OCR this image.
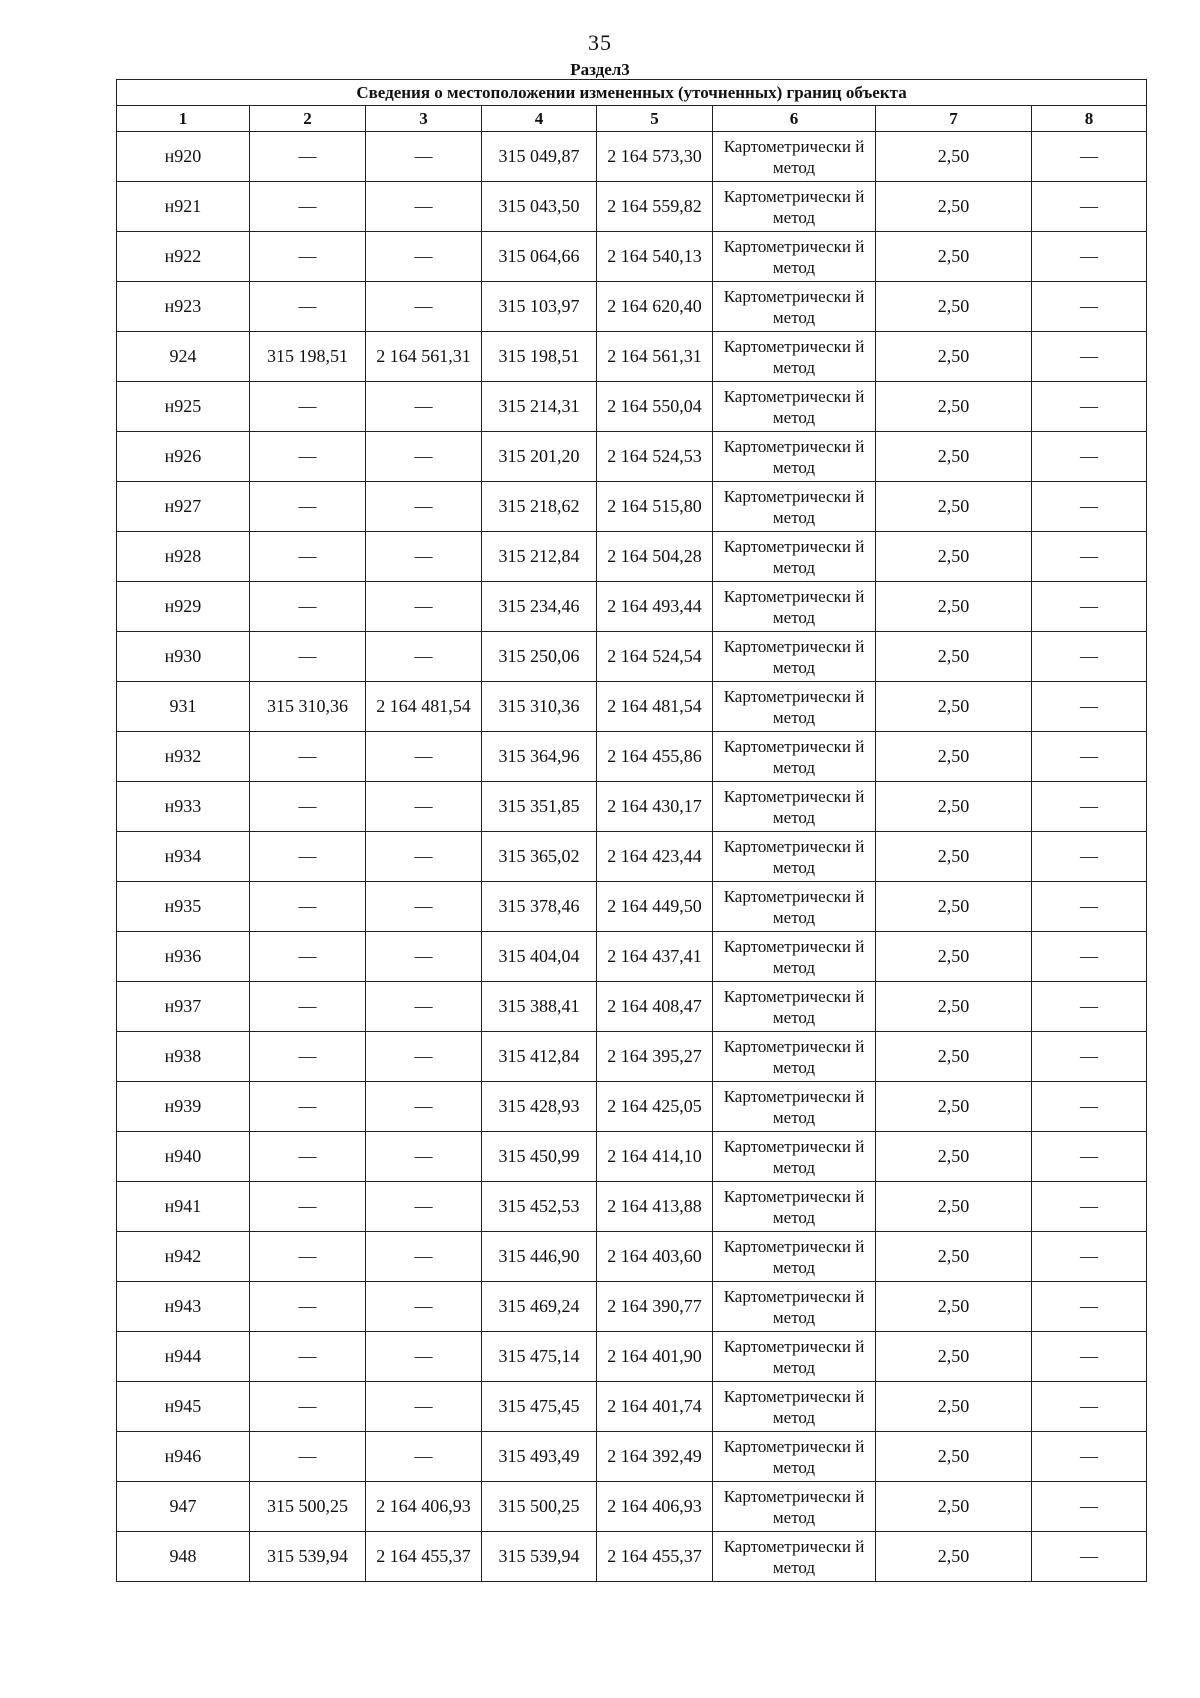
35
Раздел3
Сведения о местоположении измененных (уточненных) границ объекта							
1	2	3	4	5	6	7	8
н920	—	—	315 049,87	2 164 573,30	Картометрически й метод	2,50	—
н921	—	—	315 043,50	2 164 559,82	Картометрически й метод	2,50	—
н922	—	—	315 064,66	2 164 540,13	Картометрически й метод	2,50	—
н923	—	—	315 103,97	2 164 620,40	Картометрически й метод	2,50	—
924	315 198,51	2 164 561,31	315 198,51	2 164 561,31	Картометрически й метод	2,50	—
н925	—	—	315 214,31	2 164 550,04	Картометрически й метод	2,50	—
н926	—	—	315 201,20	2 164 524,53	Картометрически й метод	2,50	—
н927	—	—	315 218,62	2 164 515,80	Картометрически й метод	2,50	—
н928	—	—	315 212,84	2 164 504,28	Картометрически й метод	2,50	—
н929	—	—	315 234,46	2 164 493,44	Картометрически й метод	2,50	—
н930	—	—	315 250,06	2 164 524,54	Картометрически й метод	2,50	—
931	315 310,36	2 164 481,54	315 310,36	2 164 481,54	Картометрически й метод	2,50	—
н932	—	—	315 364,96	2 164 455,86	Картометрически й метод	2,50	—
н933	—	—	315 351,85	2 164 430,17	Картометрически й метод	2,50	—
н934	—	—	315 365,02	2 164 423,44	Картометрически й метод	2,50	—
н935	—	—	315 378,46	2 164 449,50	Картометрически й метод	2,50	—
н936	—	—	315 404,04	2 164 437,41	Картометрически й метод	2,50	—
н937	—	—	315 388,41	2 164 408,47	Картометрически й метод	2,50	—
н938	—	—	315 412,84	2 164 395,27	Картометрически й метод	2,50	—
н939	—	—	315 428,93	2 164 425,05	Картометрически й метод	2,50	—
н940	—	—	315 450,99	2 164 414,10	Картометрически й метод	2,50	—
н941	—	—	315 452,53	2 164 413,88	Картометрически й метод	2,50	—
н942	—	—	315 446,90	2 164 403,60	Картометрически й метод	2,50	—
н943	—	—	315 469,24	2 164 390,77	Картометрически й метод	2,50	—
н944	—	—	315 475,14	2 164 401,90	Картометрически й метод	2,50	—
н945	—	—	315 475,45	2 164 401,74	Картометрически й метод	2,50	—
н946	—	—	315 493,49	2 164 392,49	Картометрически й метод	2,50	—
947	315 500,25	2 164 406,93	315 500,25	2 164 406,93	Картометрически й метод	2,50	—
948	315 539,94	2 164 455,37	315 539,94	2 164 455,37	Картометрически й метод	2,50	—
